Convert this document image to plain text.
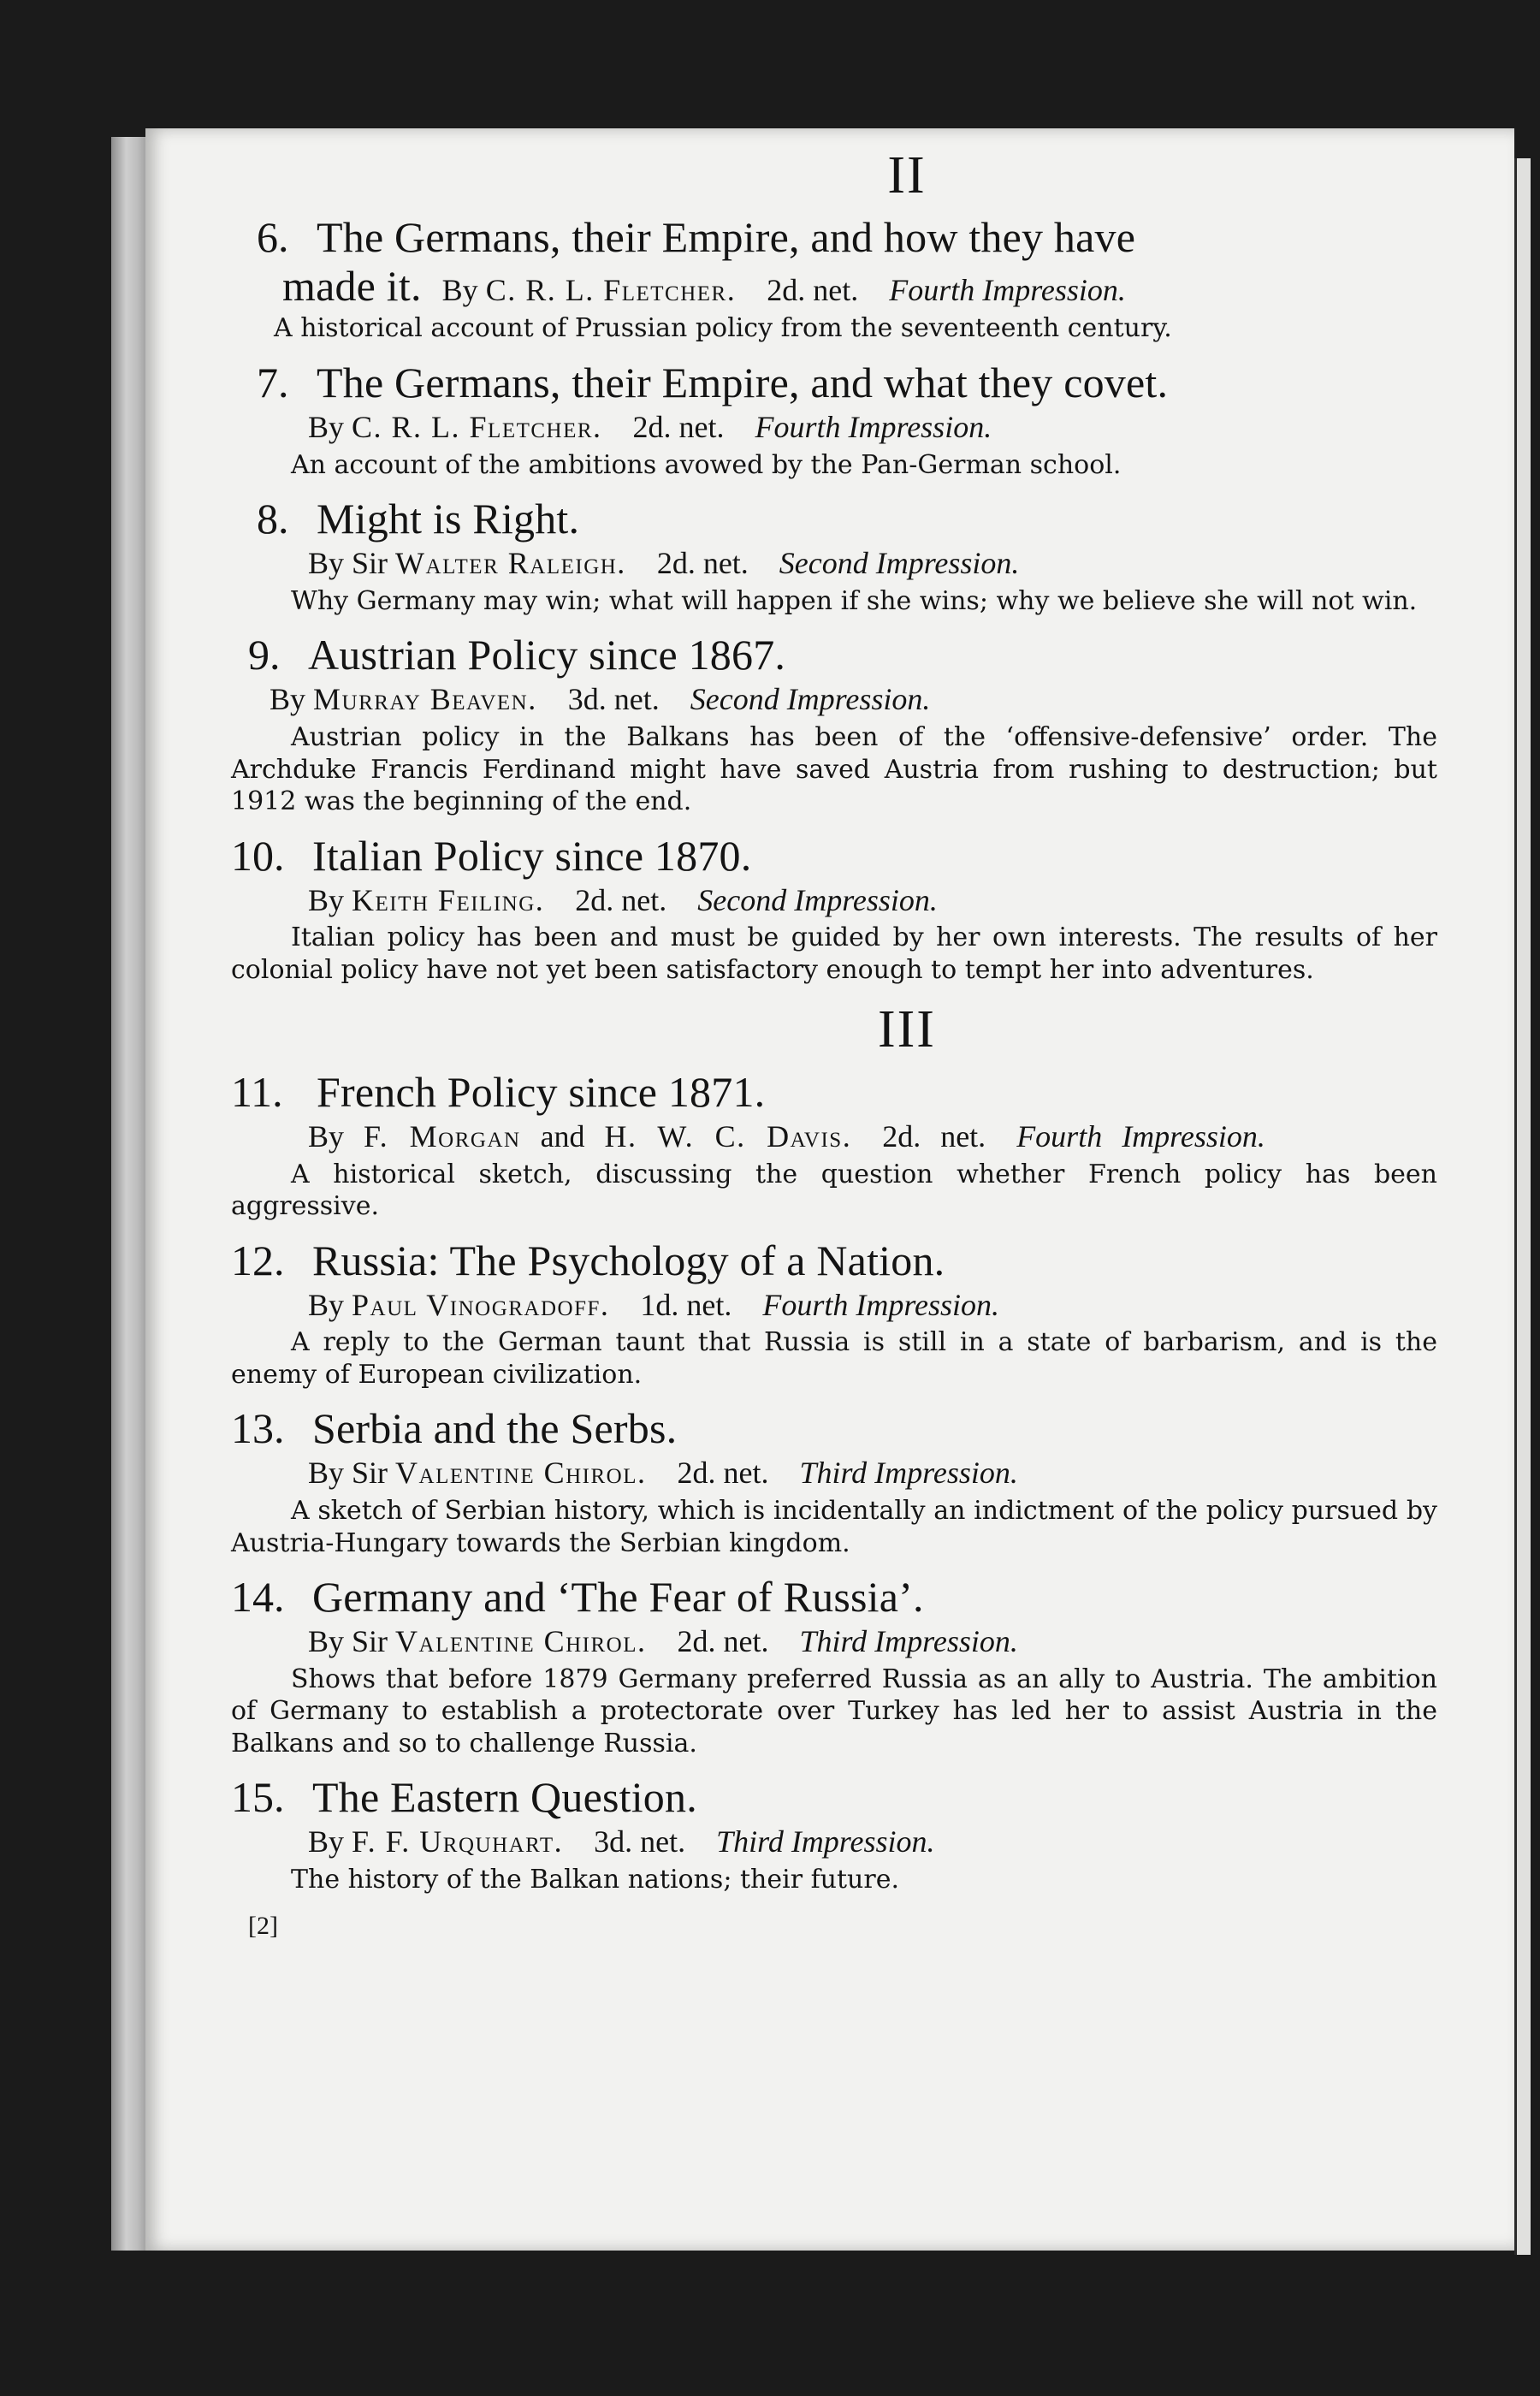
II
6. The Germans, their Empire, and how they have
made it. By C. R. L. Fletcher. 2d. net. Fourth Impression.

A historical account of Prussian policy from the seventeenth century.

7. The Germans, their Empire, and what they covet.
By C. R. L. Fletcher. 2d. net. Fourth Impression.

An account of the ambitions avowed by the Pan-German school.

8. Might is Right.
By Sir Walter Raleigh. 2d. net. Second Impression.

Why Germany may win; what will happen if she wins; why we believe she will not win.

9. Austrian Policy since 1867.
By Murray Beaven. 3d. net. Second Impression.

Austrian policy in the Balkans has been of the ‘offensive-defensive’ order. The Archduke Francis Ferdinand might have saved Austria from rushing to destruction; but 1912 was the beginning of the end.

10. Italian Policy since 1870.
By Keith Feiling. 2d. net. Second Impression.

Italian policy has been and must be guided by her own interests. The results of her colonial policy have not yet been satisfactory enough to tempt her into adventures.

III
11. French Policy since 1871.
By F. Morgan and H. W. C. Davis. 2d. net. Fourth Impression.

A historical sketch, discussing the question whether French policy has been aggressive.

12. Russia: The Psychology of a Nation.
By Paul Vinogradoff. 1d. net. Fourth Impression.

A reply to the German taunt that Russia is still in a state of barbarism, and is the enemy of European civilization.

13. Serbia and the Serbs.
By Sir Valentine Chirol. 2d. net. Third Impression.

A sketch of Serbian history, which is incidentally an indictment of the policy pursued by Austria-Hungary towards the Serbian kingdom.

14. Germany and ‘The Fear of Russia’.
By Sir Valentine Chirol. 2d. net. Third Impression.

Shows that before 1879 Germany preferred Russia as an ally to Austria. The ambition of Germany to establish a protectorate over Turkey has led her to assist Austria in the Balkans and so to challenge Russia.

15. The Eastern Question.
By F. F. Urquhart. 3d. net. Third Impression.

The history of the Balkan nations; their future.

[2]
